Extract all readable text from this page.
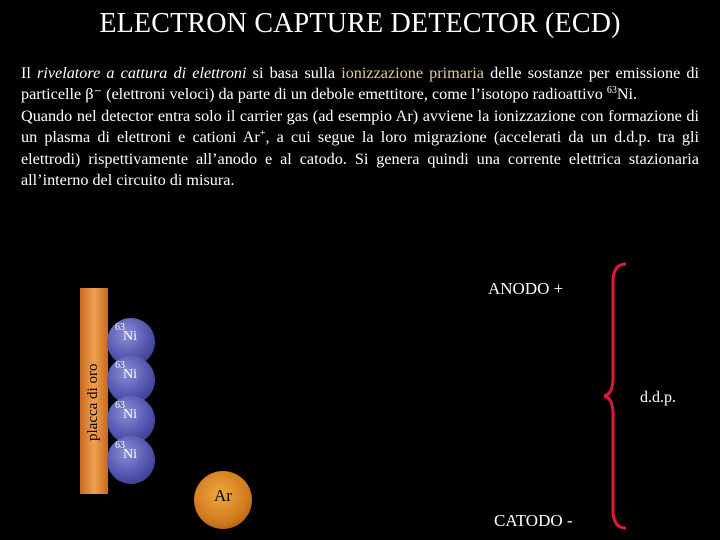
ELECTRON CAPTURE DETECTOR (ECD)
Il rivelatore a cattura di elettroni si basa sulla ionizzazione primaria delle sostanze per emissione di particelle β⁻ (elettroni veloci) da parte di un debole emettitore, come l’isotopo radioattivo $^{63}$Ni.
Quando nel detector entra solo il carrier gas (ad esempio Ar) avviene la ionizzazione con formazione di un plasma di elettroni e cationi Ar+, a cui segue la loro migrazione (accelerati da un d.d.p. tra gli elettrodi) rispettivamente all’anodo e al catodo. Si genera quindi una corrente elettrica stazionaria all’interno del circuito di misura.
placca di oro
$^{63}$
Ni
$^{63}$
Ni
$^{63}$
Ni
$^{63}$
Ni
Ar
ANODO +
CATODO -
d.d.p.
